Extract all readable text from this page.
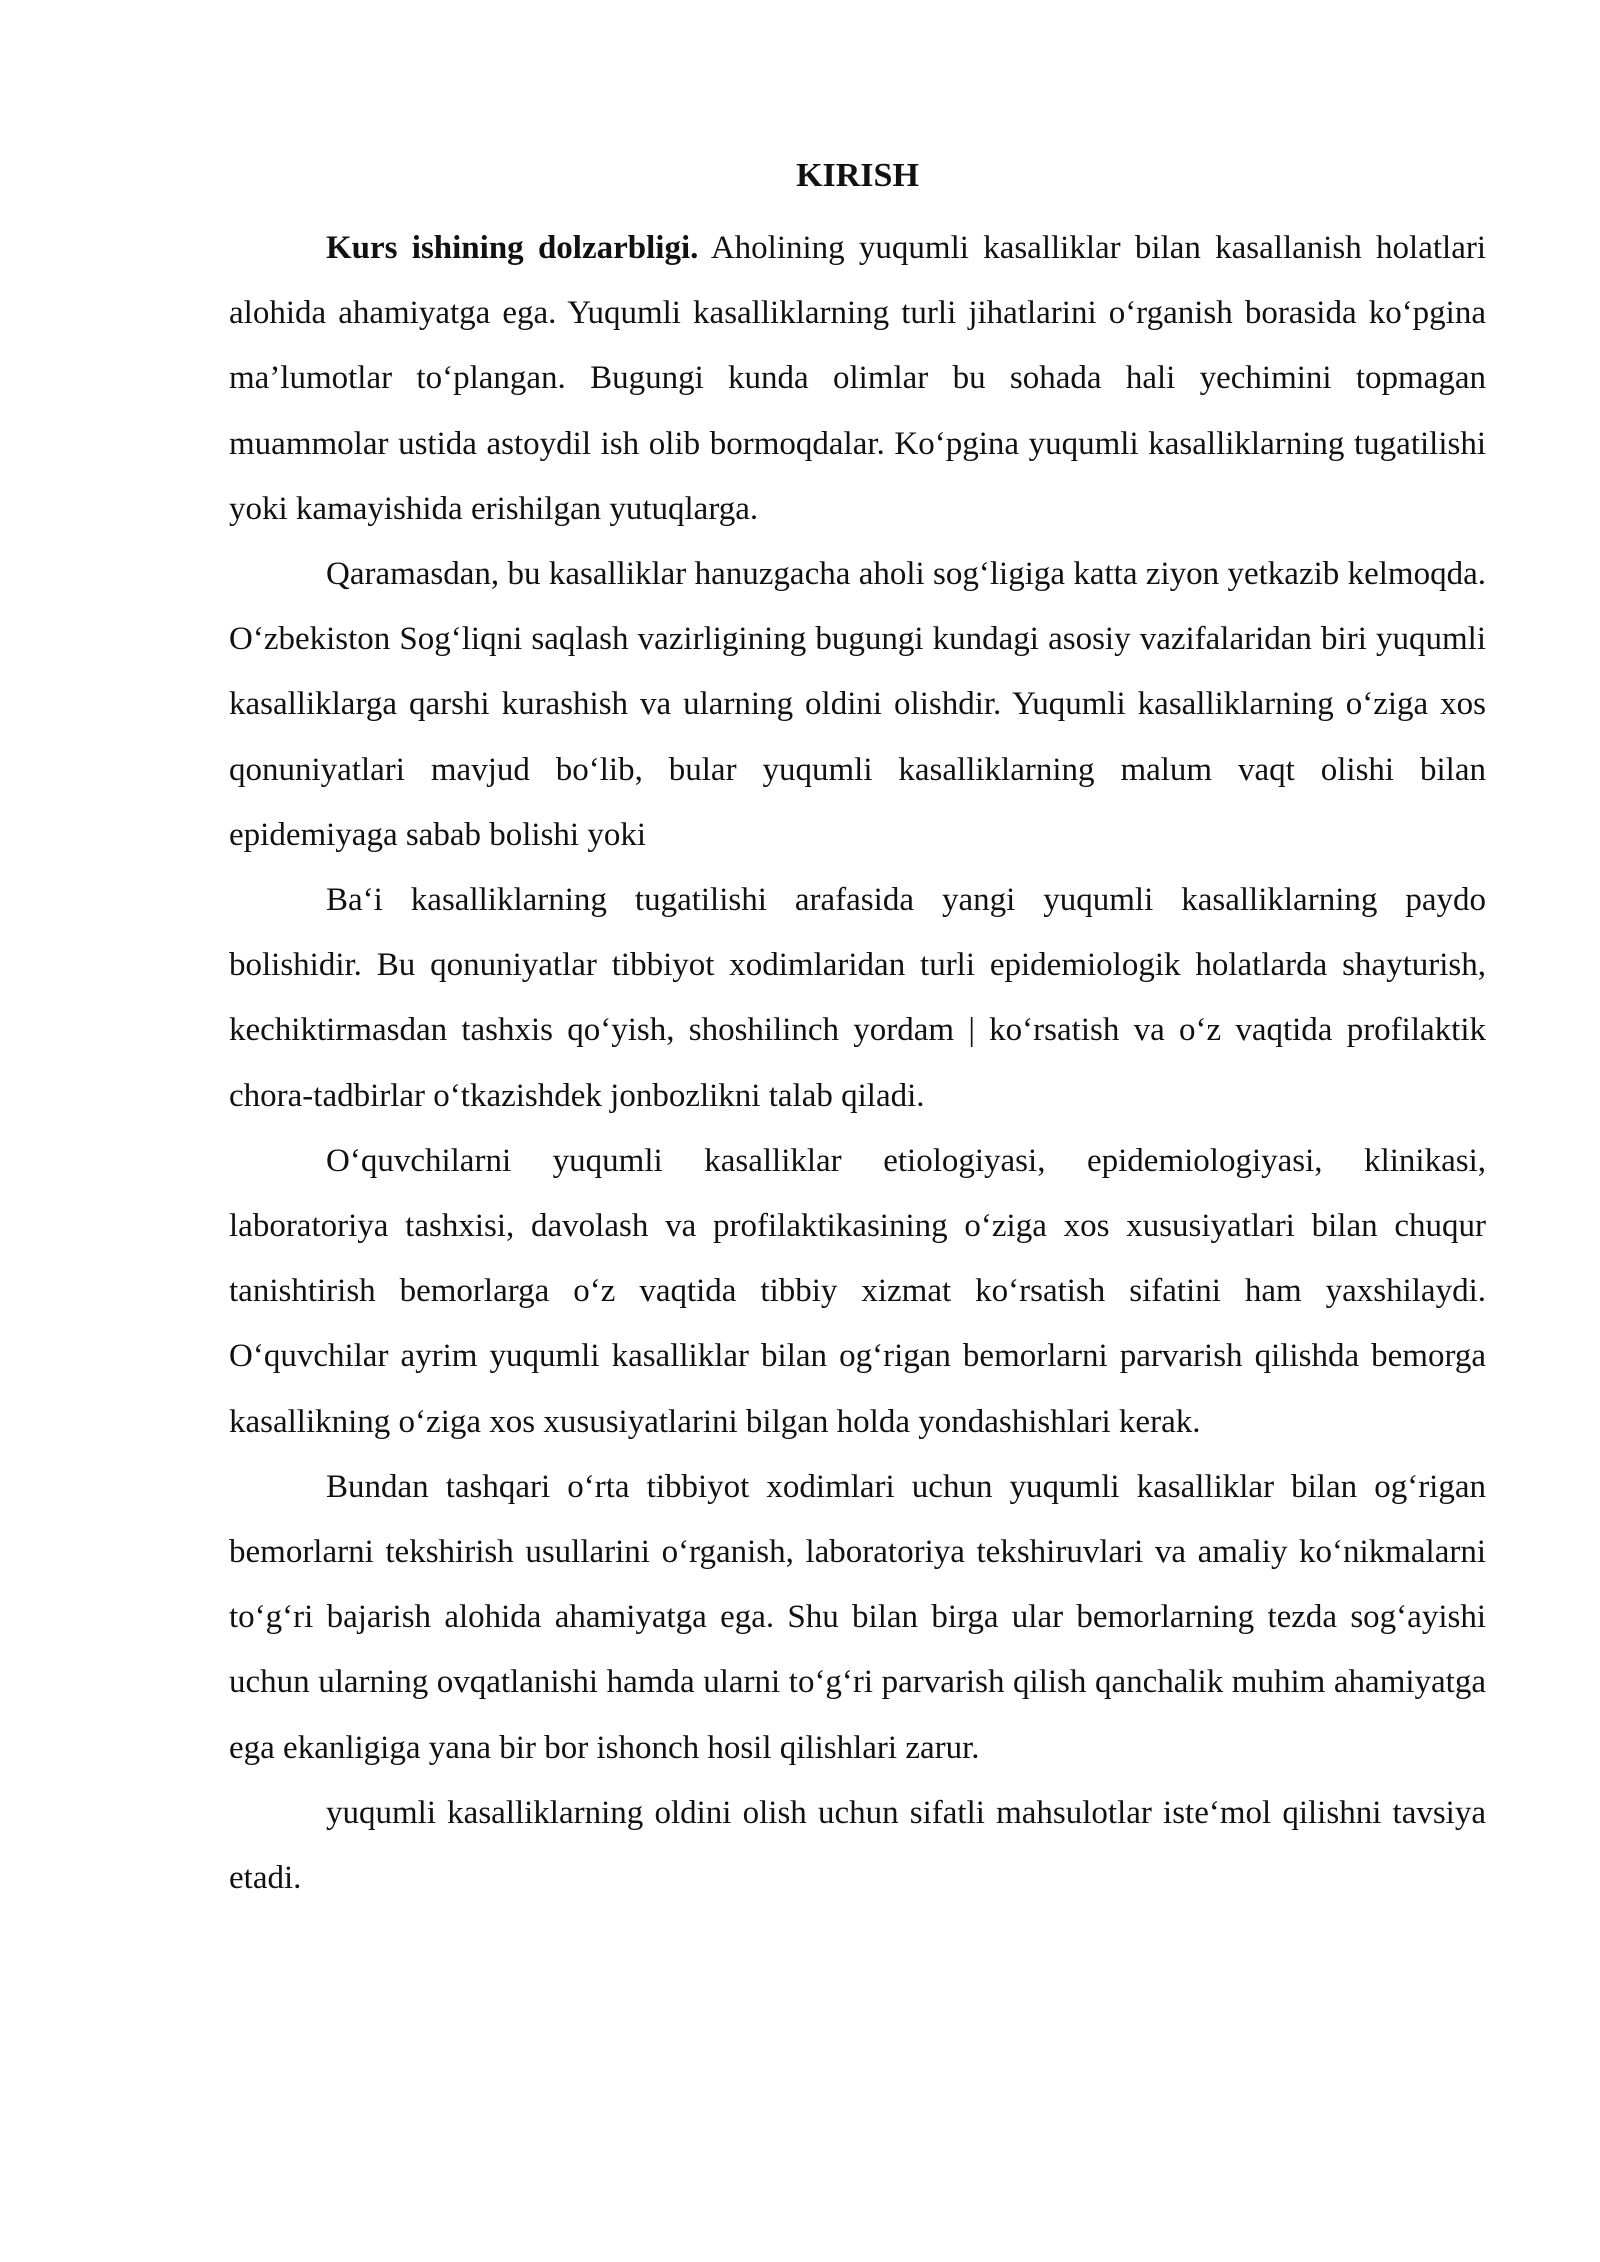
KIRISH

Kurs ishining dolzarbligi. Aholining yuqumli kasalliklar bilan kasallanish holatlari alohida ahamiyatga ega. Yuqumli kasalliklarning turli jihatlarini o‘rganish borasida ko‘pgina ma’lumotlar to‘plangan. Bugungi kunda olimlar bu sohada hali yechimini topmagan muammolar ustida astoydil ish olib bormoqdalar. Ko‘pgina yuqumli kasalliklarning tugatilishi yoki kamayishida erishilgan yutuqlarga.

Qaramasdan, bu kasalliklar hanuzgacha aholi sog‘ligiga katta ziyon yetkazib kelmoqda. O‘zbekiston Sog‘liqni saqlash vazirligining bugungi kundagi asosiy vazifalaridan biri yuqumli kasalliklarga qarshi kurashish va ularning oldini olishdir. Yuqumli kasalliklarning o‘ziga xos qonuniyatlari mavjud bo‘lib, bular yuqumli kasalliklarning malum vaqt olishi bilan epidemiyaga sabab bolishi yoki

Ba‘i kasalliklarning tugatilishi arafasida yangi yuqumli kasalliklarning paydo bolishidir. Bu qonuniyatlar tibbiyot xodimlaridan turli epidemiologik holatlarda shayturish, kechiktirmasdan tashxis qo‘yish, shoshilinch yordam | ko‘rsatish va o‘z vaqtida profilaktik chora-tadbirlar o‘tkazishdek jonbozlikni talab qiladi.

O‘quvchilarni yuqumli kasalliklar etiologiyasi, epidemiologiyasi, klinikasi, laboratoriya tashxisi, davolash va profilaktikasining o‘ziga xos xususiyatlari bilan chuqur tanishtirish bemorlarga o‘z vaqtida tibbiy xizmat ko‘rsatish sifatini ham yaxshilaydi. O‘quvchilar ayrim yuqumli kasalliklar bilan og‘rigan bemorlarni parvarish qilishda bemorga kasallikning o‘ziga xos xususiyatlarini bilgan holda yondashishlari kerak.

Bundan tashqari o‘rta tibbiyot xodimlari uchun yuqumli kasalliklar bilan og‘rigan bemorlarni tekshirish usullarini o‘rganish, laboratoriya tekshiruvlari va amaliy ko‘nikmalarni to‘g‘ri bajarish alohida ahamiyatga ega. Shu bilan birga ular bemorlarning tezda sog‘ayishi uchun ularning ovqatlanishi hamda ularni to‘g‘ri parvarish qilish qanchalik muhim ahamiyatga ega ekanligiga yana bir bor ishonch hosil qilishlari zarur.

yuqumli kasalliklarning oldini olish uchun sifatli mahsulotlar iste‘mol qilishni tavsiya etadi.
